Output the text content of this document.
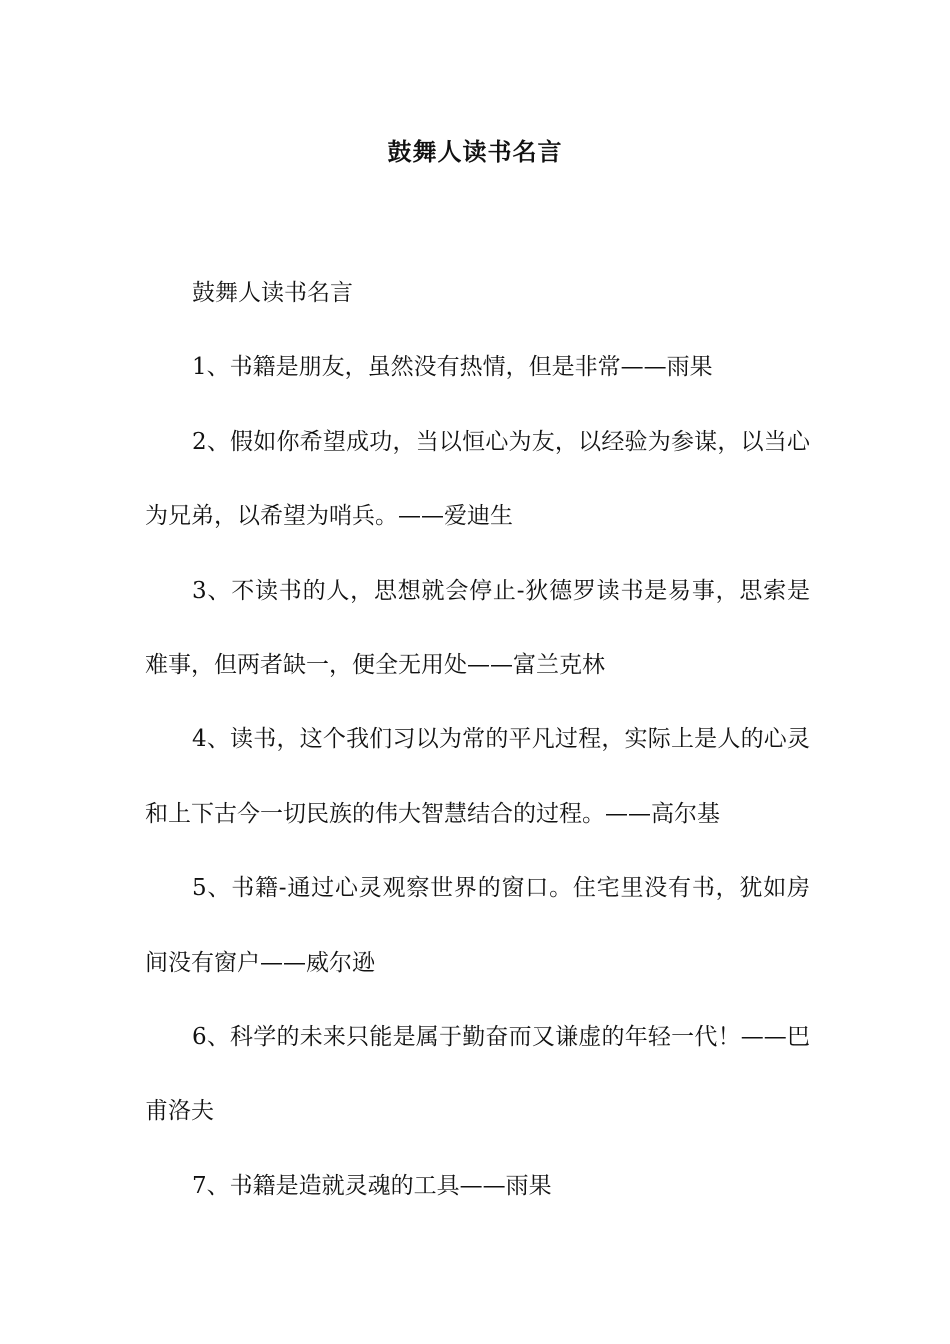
鼓舞人读书名言

鼓舞人读书名言

1、书籍是朋友，虽然没有热情，但是非常——雨果

2、假如你希望成功，当以恒心为友，以经验为参谋，以当心为兄弟，以希望为哨兵。——爱迪生

3、不读书的人，思想就会停止-狄德罗读书是易事，思索是难事，但两者缺一，便全无用处——富兰克林

4、读书，这个我们习以为常的平凡过程，实际上是人的心灵和上下古今一切民族的伟大智慧结合的过程。——高尔基

5、书籍-通过心灵观察世界的窗口。住宅里没有书，犹如房间没有窗户——威尔逊

6、科学的未来只能是属于勤奋而又谦虚的年轻一代！——巴甫洛夫

7、书籍是造就灵魂的工具——雨果
